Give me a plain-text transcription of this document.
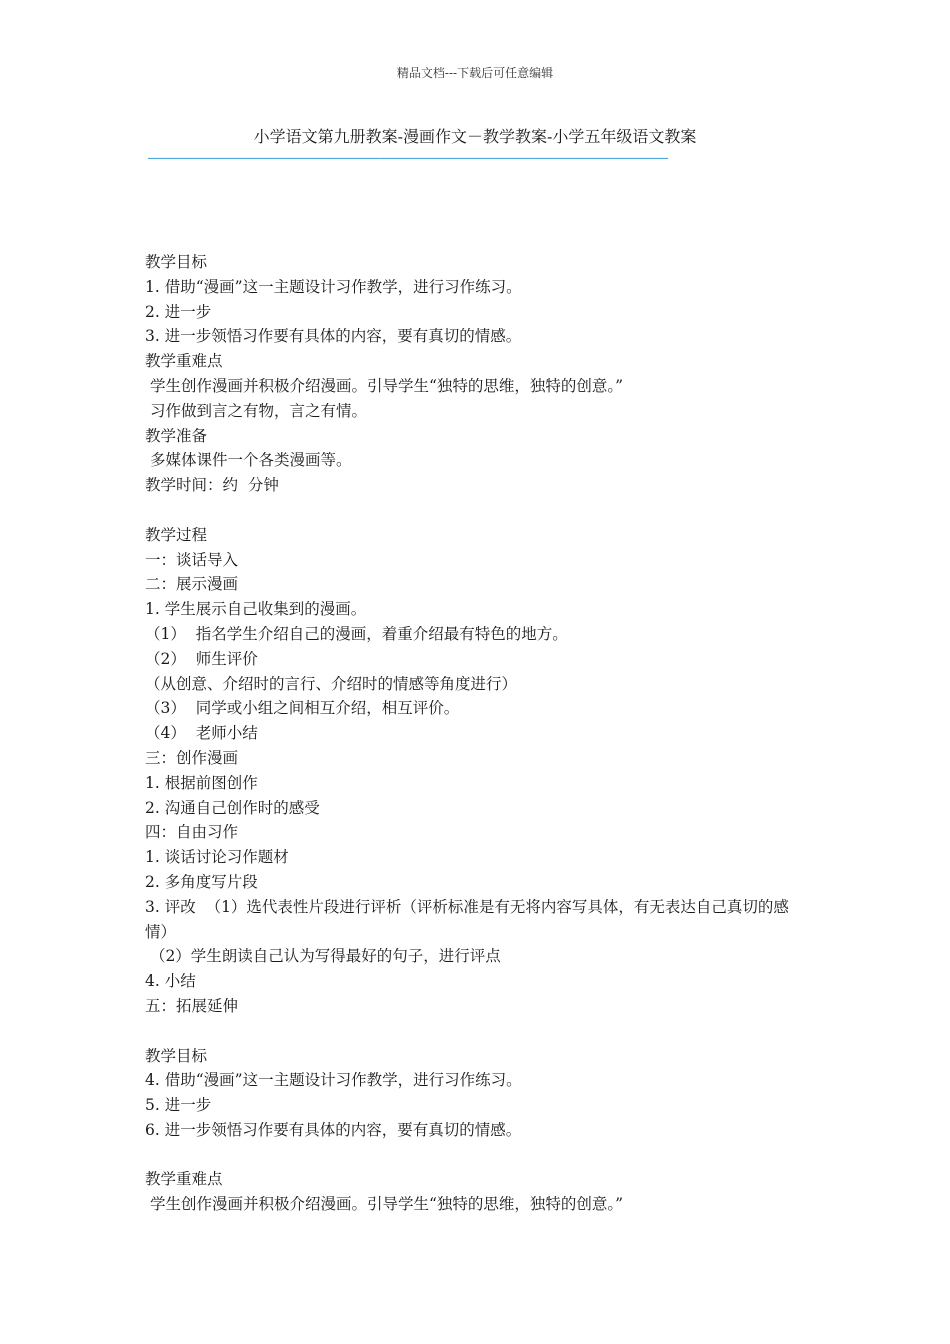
精品文档---下载后可任意编辑
小学语文第九册教案-漫画作文－教学教案-小学五年级语文教案
——————————————————————————————————————————————————————
教学目标
1. 借助“漫画”这一主题设计习作教学，进行习作练习。
2. 进一步
3. 进一步领悟习作要有具体的内容，要有真切的情感。
教学重难点
学生创作漫画并积极介绍漫画。引导学生“独特的思维，独特的创意。”
习作做到言之有物，言之有情。
教学准备
多媒体课件一个各类漫画等。
教学时间：约  分钟
教学过程
一：谈话导入
二：展示漫画
1. 学生展示自己收集到的漫画。
（1）  指名学生介绍自己的漫画，着重介绍最有特色的地方。
（2）  师生评价
（从创意、介绍时的言行、介绍时的情感等角度进行）
（3）  同学或小组之间相互介绍，相互评价。
（4）  老师小结
三：创作漫画
1. 根据前图创作
2. 沟通自己创作时的感受
四：自由习作
1. 谈话讨论习作题材
2. 多角度写片段
3. 评改  （1）选代表性片段进行评析（评析标准是有无将内容写具体，有无表达自己真切的感情）
（2）学生朗读自己认为写得最好的句子，进行评点
4. 小结
五：拓展延伸
教学目标
4. 借助“漫画”这一主题设计习作教学，进行习作练习。
5. 进一步
6. 进一步领悟习作要有具体的内容，要有真切的情感。
教学重难点
学生创作漫画并积极介绍漫画。引导学生“独特的思维，独特的创意。”
